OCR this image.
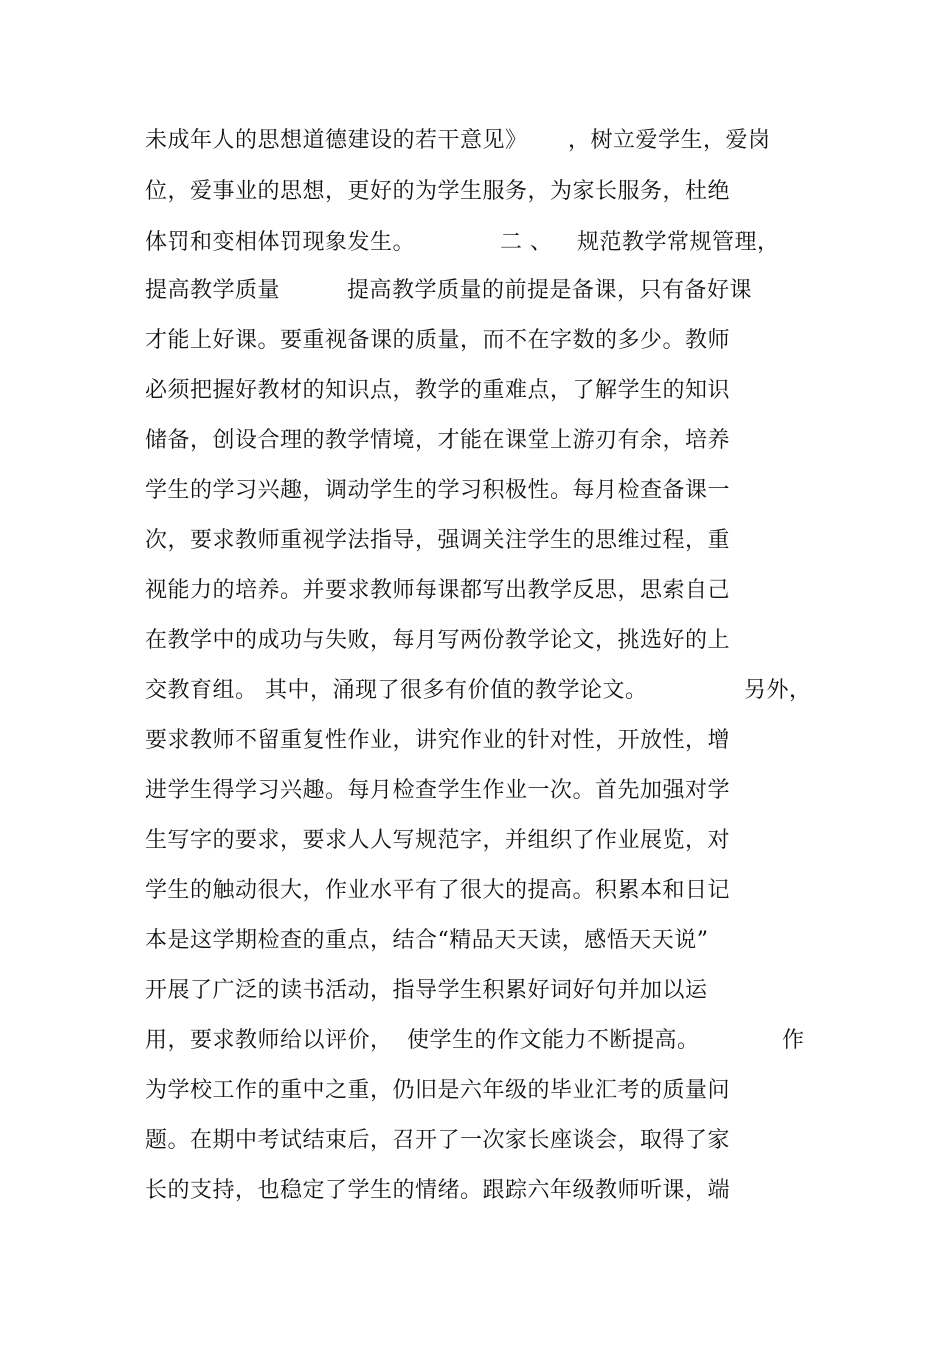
未成年人的思想道德建设的若干意见》

，树立爱学生，爱岗

位，爱事业的思想，更好的为学生服务，为家长服务，杜绝

体罚和变相体罚现象发生。

	二 、

规范教学常规管理，

提高教学质量

	提高教学质量的前提是备课，只有备好课

才能上好课。要重视备课的质量，而不在字数的多少。教师

必须把握好教材的知识点，教学的重难点，了解学生的知识

储备，创设合理的教学情境，才能在课堂上游刃有余，培养

学生的学习兴趣，调动学生的学习积极性。每月检查备课一

次，要求教师重视学法指导，强调关注学生的思维过程，重

视能力的培养。并要求教师每课都写出教学反思，思索自己

在教学中的成功与失败，每月写两份教学论文，挑选好的上

交教育组。 其中，涌现了很多有价值的教学论文。

	另外，

要求教师不留重复性作业，讲究作业的针对性，开放性，增

进学生得学习兴趣。每月检查学生作业一次。首先加强对学

生写字的要求，要求人人写规范字，并组织了作业展览，对

学生的触动很大，作业水平有了很大的提高。积累本和日记

本是这学期检查的重点，结合“精品天天读，感悟天天说”

开展了广泛的读书活动，指导学生积累好词好句并加以运

用，要求教师给以评价，

使学生的作文能力不断提高。

	作

为学校工作的重中之重，仍旧是六年级的毕业汇考的质量问

题。在期中考试结束后，召开了一次家长座谈会，取得了家

长的支持，也稳定了学生的情绪。跟踪六年级教师听课，端
